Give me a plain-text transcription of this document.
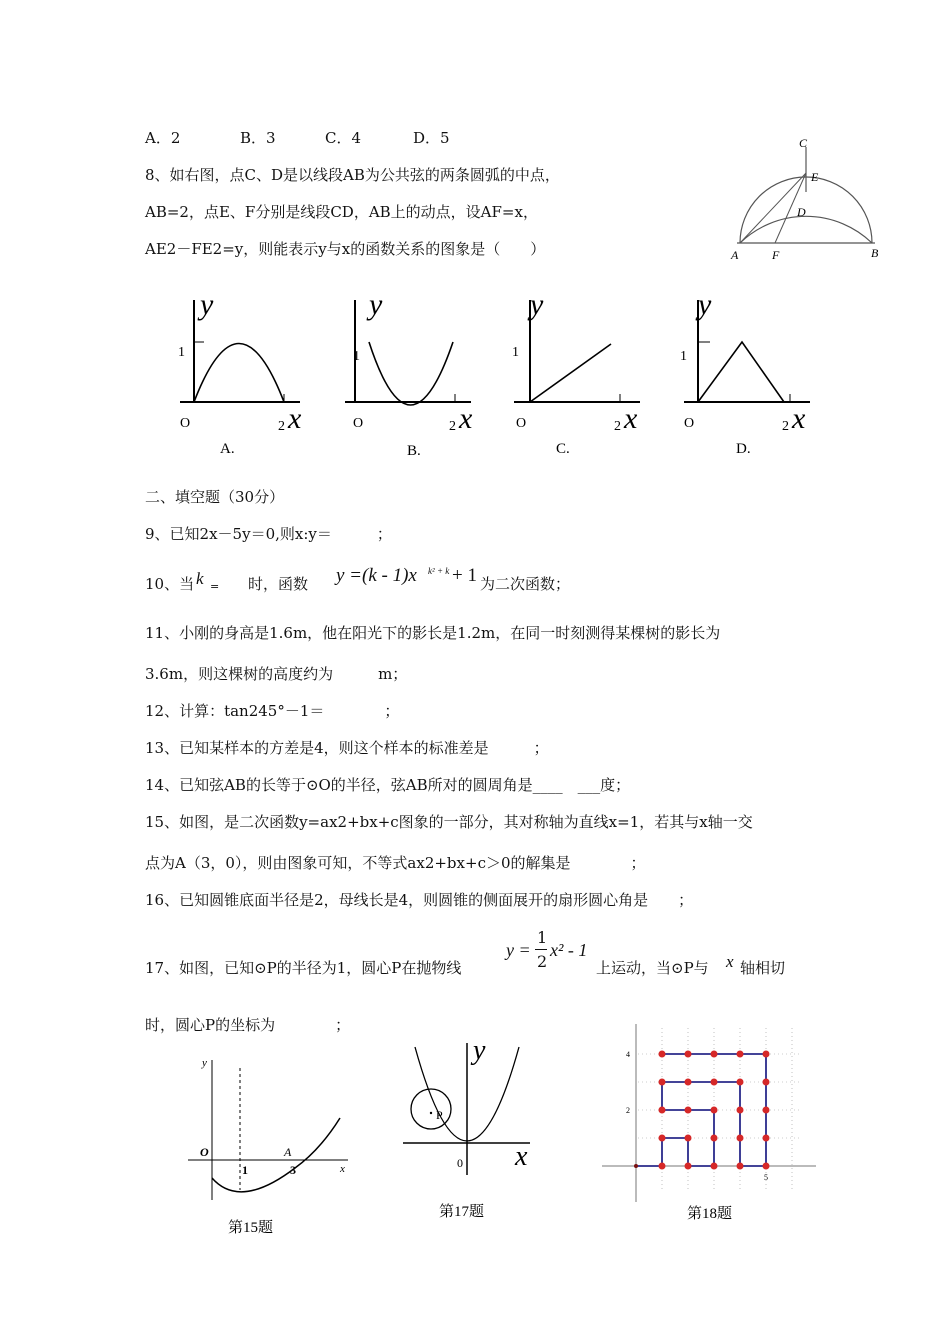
A．2	B．3	C．4	D．5
8、如右图，点C、D是以线段AB为公共弦的两条圆弧的中点，
AB=2，点E、F分别是线段CD，AB上的动点，设AF=x，
AE2－FE2=y，则能表示y与x的函数关系的图象是（　　）
C
E
D
A	F	B
y
x
1
O	2
A.
y
x
1
O	2
B.
y
x
1
O	2
C.
y
x
1
O	2
D.
二、填空题（30分）
9、已知2x－5y＝0,则x:y＝　　　；
10、当 k =
　　时，函数 y =(k - 1)x k² + k + 1 为二次函数；
11、小刚的身高是1.6m，他在阳光下的影长是1.2m，在同一时刻测得某棵树的影长为
3.6m，则这棵树的高度约为　　　m；
12、计算：tan245°－1＝　　　　；
13、已知某样本的方差是4，则这个样本的标准差是　　　；
14、已知弦AB的长等于⊙O的半径，弦AB所对的圆周角是____　___度；
15、如图，是二次函数y=ax2+bx+c图象的一部分，其对称轴为直线x=1，若其与x轴一交
点为A（3，0），则由图象可知，不等式ax2+bx+c＞0的解集是　　　　；
16、已知圆锥底面半径是2，母线长是4，则圆锥的侧面展开的扇形圆心角是　　；
17、如图，已知⊙P的半径为1，圆心P在抛物线
y =
1
2
x² - 1
上运动，当⊙P与 x 轴相切
时，圆心P的坐标为　　　　；
y
x
O
1	3
A
第15题
y
x
0
P
第17题
4
2
5
第18题
